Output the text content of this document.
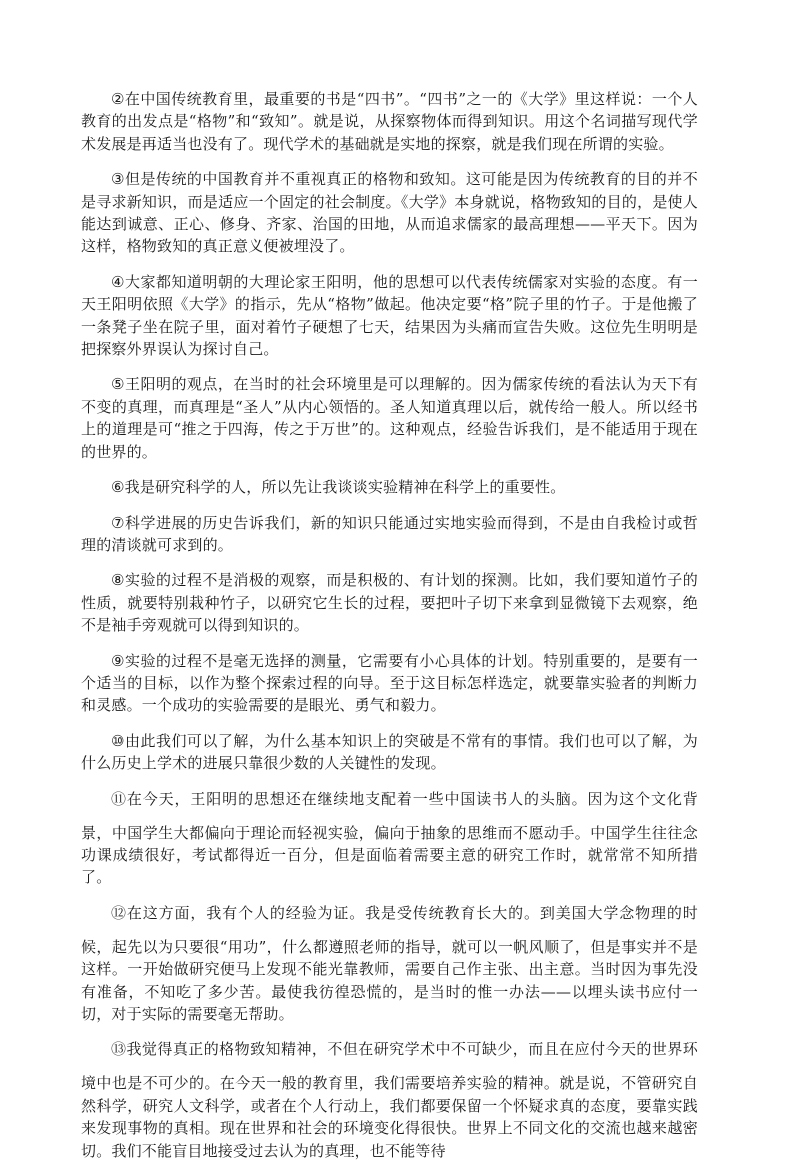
②在中国传统教育里，最重要的书是“四书”。“四书”之一的《大学》里这样说：一个人教育的出发点是“格物”和“致知”。就是说，从探察物体而得到知识。用这个名词描写现代学术发展是再适当也没有了。现代学术的基础就是实地的探察，就是我们现在所谓的实验。

③但是传统的中国教育并不重视真正的格物和致知。这可能是因为传统教育的目的并不是寻求新知识，而是适应一个固定的社会制度。《大学》本身就说，格物致知的目的，是使人能达到诚意、正心、修身、齐家、治国的田地，从而追求儒家的最高理想——平天下。因为这样，格物致知的真正意义便被埋没了。

④大家都知道明朝的大理论家王阳明，他的思想可以代表传统儒家对实验的态度。有一天王阳明依照《大学》的指示，先从“格物”做起。他决定要“格”院子里的竹子。于是他搬了一条凳子坐在院子里，面对着竹子硬想了七天，结果因为头痛而宣告失败。这位先生明明是把探察外界误认为探讨自己。

⑤王阳明的观点，在当时的社会环境里是可以理解的。因为儒家传统的看法认为天下有不变的真理，而真理是“圣人”从内心领悟的。圣人知道真理以后，就传给一般人。所以经书上的道理是可“推之于四海，传之于万世”的。这种观点，经验告诉我们，是不能适用于现在的世界的。

⑥我是研究科学的人，所以先让我谈谈实验精神在科学上的重要性。

⑦科学进展的历史告诉我们，新的知识只能通过实地实验而得到，不是由自我检讨或哲理的清谈就可求到的。

⑧实验的过程不是消极的观察，而是积极的、有计划的探测。比如，我们要知道竹子的性质，就要特别栽种竹子，以研究它生长的过程，要把叶子切下来拿到显微镜下去观察，绝不是袖手旁观就可以得到知识的。

⑨实验的过程不是毫无选择的测量，它需要有小心具体的计划。特别重要的，是要有一个适当的目标，以作为整个探索过程的向导。至于这目标怎样选定，就要靠实验者的判断力和灵感。一个成功的实验需要的是眼光、勇气和毅力。

⑩由此我们可以了解，为什么基本知识上的突破是不常有的事情。我们也可以了解，为什么历史上学术的进展只靠很少数的人关键性的发现。

⑪在今天，王阳明的思想还在继续地支配着一些中国读书人的头脑。因为这个文化背景，中国学生大都偏向于理论而轻视实验，偏向于抽象的思维而不愿动手。中国学生往往念功课成绩很好，考试都得近一百分，但是面临着需要主意的研究工作时，就常常不知所措了。

⑫在这方面，我有个人的经验为证。我是受传统教育长大的。到美国大学念物理的时候，起先以为只要很“用功”，什么都遵照老师的指导，就可以一帆风顺了，但是事实并不是这样。一开始做研究便马上发现不能光靠教师，需要自己作主张、出主意。当时因为事先没有准备，不知吃了多少苦。最使我彷徨恐慌的，是当时的惟一办法——以埋头读书应付一切，对于实际的需要毫无帮助。

⑬我觉得真正的格物致知精神，不但在研究学术中不可缺少，而且在应付今天的世界环境中也是不可少的。在今天一般的教育里，我们需要培养实验的精神。就是说，不管研究自然科学，研究人文科学，或者在个人行动上，我们都要保留一个怀疑求真的态度，要靠实践来发现事物的真相。现在世界和社会的环境变化得很快。世界上不同文化的交流也越来越密切。我们不能盲目地接受过去认为的真理，也不能等待
